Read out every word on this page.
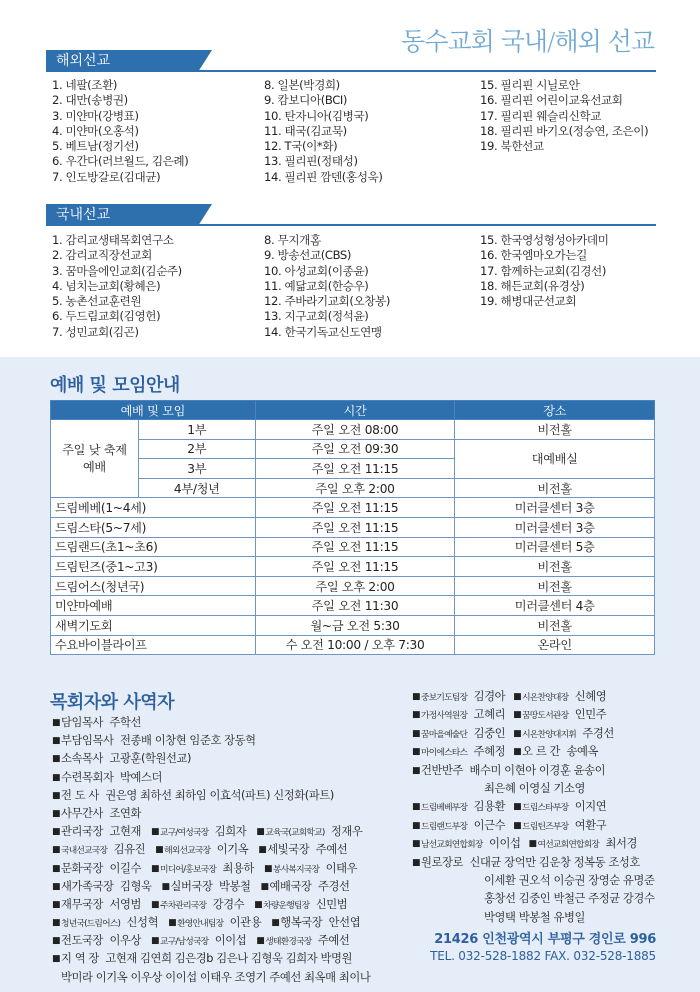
동수교회 국내/해외 선교
해외선교
1. 네팔(조환)
2. 대만(송병권)
3. 미얀마(강병표)
4. 미얀마(오홍석)
5. 베트남(정기선)
6. 우간다(러브월드, 김은례)
7. 인도방갈로(김대균)
8. 일본(박경희)
9. 캄보디아(BCI)
10. 탄자니아(김병국)
11. 태국(김교묵)
12. T국(이*화)
13. 필리핀(정태성)
14. 필리핀 깜덴(홍성욱)
15. 필리핀 시닐로안
16. 필리핀 어린이교육선교회
17. 필리핀 웨슬리신학교
18. 필리핀 바기오(정승연, 조은이)
19. 북한선교
국내선교
1. 감리교생태목회연구소
2. 감리교직장선교회
3. 꿈마을에인교회(김순주)
4. 넘치는교회(황혜은)
5. 농촌선교훈련원
6. 두드림교회(김영헌)
7. 성민교회(김곤)
8. 무지개홈
9. 방송선교(CBS)
10. 아성교회(이종윤)
11. 예닮교회(한승우)
12. 주바라기교회(오창봉)
13. 지구교회(정석윤)
14. 한국기독교신도연맹
15. 한국영성형성아카데미
16. 한국엠마오가는길
17. 함께하는교회(김경선)
18. 해든교회(유경상)
19. 해병대군선교회
예배 및 모임안내
예배 및 모임		시간	장소
주일 낮 축제
예배	1부	주일 오전 08:00	비전홀
	2부	주일 오전 09:30	대예배실
	3부	주일 오전 11:15	
	4부/청년	주일 오후 2:00	비전홀
드림베베(1~4세)		주일 오전 11:15	미러클센터 3층
드림스타(5~7세)		주일 오전 11:15	미러클센터 3층
드림랜드(초1~초6)		주일 오전 11:15	미러클센터 5층
드림틴즈(중1~고3)		주일 오전 11:15	비전홀
드림어스(청년국)		주일 오후 2:00	비전홀
미얀마예배		주일 오전 11:30	미러클센터 4층
새벽기도회		월~금 오전 5:30	비전홀
수요바이블라이프		수 오전 10:00 / 오후 7:30	온라인
목회자와 사역자
■담임목사 주학선
■부담임목사 전종배 이창현 임준호 장동혁
■소속목사 고광훈(학원선교)
■수련목회자 박예스더
■전 도 사 권은영 최하선 최하임 이효석(파트) 신정화(파트)
■사무간사 조연화
■관리국장 고현재 ■교구/여성국장 김희자 ■교육국(교회학교) 정재우
■국내선교국장 김유진 ■해외선교국장 이기옥 ■세빛국장 주예선
■문화국장 이길수 ■미디어/홍보국장 최용하 ■봉사복지국장 이태우
■새가족국장 김형욱 ■실버국장 박봉철 ■예배국장 주경선
■재무국장 서영범 ■주차관리국장 강경수 ■차량운행팀장 신민범
■청년국(드림어스) 신성혁 ■환영안내팀장 이관용 ■행복국장 안선엽
■전도국장 이우상 ■교구/남성국장 이이섭 ■생태환경국장 주예선
■지 역 장 고현재 김연희 김은경b 김은나 김형욱 김희자 박명원
박미라 이기옥 이우상 이이섭 이태우 조영기 주예선 최옥매 최이나
■중보기도팀장 김경아 ■시온찬양대장 신혜영
■가정사역원장 고혜리 ■꿈땅도서관장 인민주
■꿈마을예술단 김중인 ■시온찬양대지휘 주경선
■마이에스타스 주혜정 ■오 르 간 송예옥
■건반반주 배수미 이현아 이경훈 윤송이
최은혜 이영실 기소영
■드림베베부장 김용환 ■드림스타부장 이지연
■드림랜드부장 이근수 ■드림틴즈부장 여환구
■남선교회연합회장 이이섭 ■여선교회연합회장 최서경
■원로장로 신대균 장억만 김운창 정복동 조성호
이세환 권오석 이승권 장영순 유명준
홍창선 김중인 박철근 주정균 강경수
박영택 박봉철 유병일
21426 인천광역시 부평구 경인로 996
TEL. 032-528-1882 FAX. 032-528-1885
